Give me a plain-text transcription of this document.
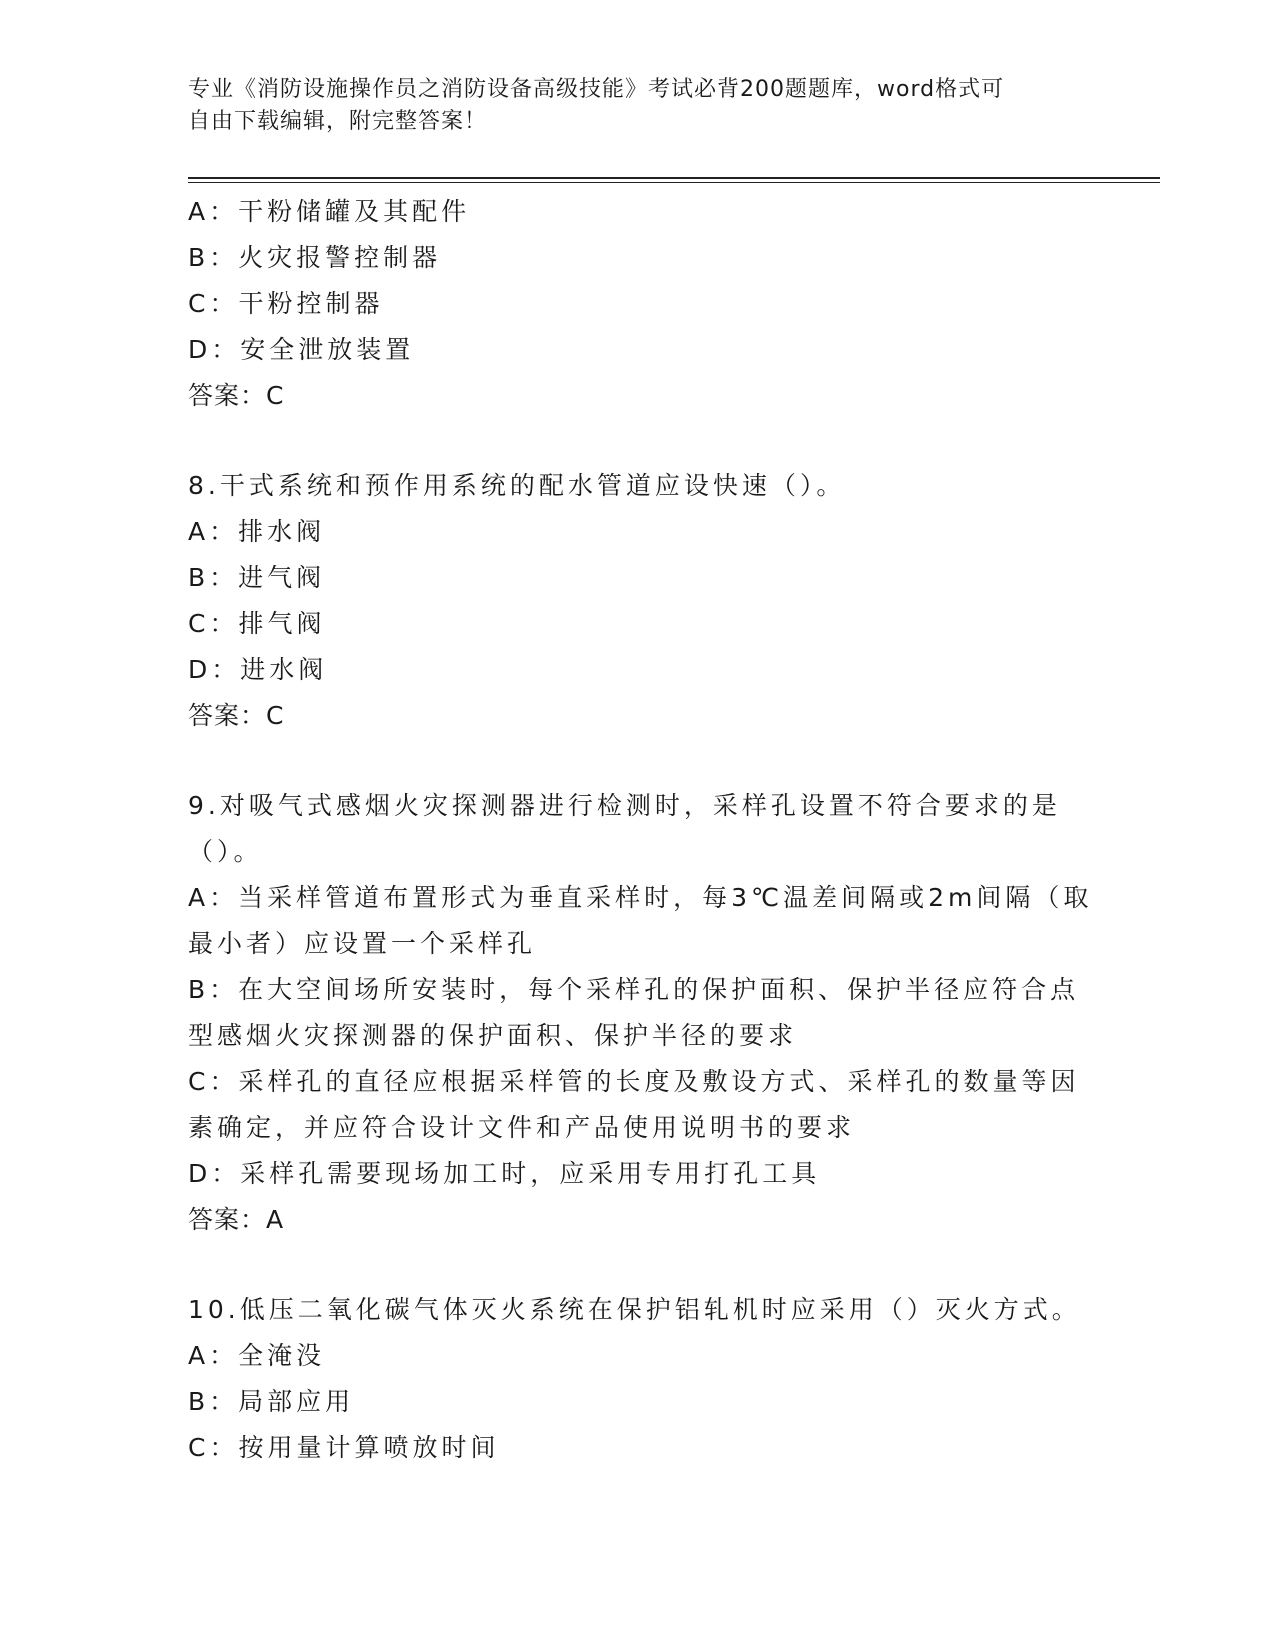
专业《消防设施操作员之消防设备高级技能》考试必背200题题库，word格式可
自由下载编辑，附完整答案！
A：干粉储罐及其配件
B：火灾报警控制器
C：干粉控制器
D：安全泄放装置
答案：C
8.干式系统和预作用系统的配水管道应设快速（）。
A：排水阀
B：进气阀
C：排气阀
D：进水阀
答案：C
9.对吸气式感烟火灾探测器进行检测时，采样孔设置不符合要求的是
（）。
A：当采样管道布置形式为垂直采样时，每3℃温差间隔或2m间隔（取
最小者）应设置一个采样孔
B：在大空间场所安装时，每个采样孔的保护面积、保护半径应符合点
型感烟火灾探测器的保护面积、保护半径的要求
C：采样孔的直径应根据采样管的长度及敷设方式、采样孔的数量等因
素确定，并应符合设计文件和产品使用说明书的要求
D：采样孔需要现场加工时，应采用专用打孔工具
答案：A
10.低压二氧化碳气体灭火系统在保护铝轧机时应采用（）灭火方式。
A：全淹没
B：局部应用
C：按用量计算喷放时间
